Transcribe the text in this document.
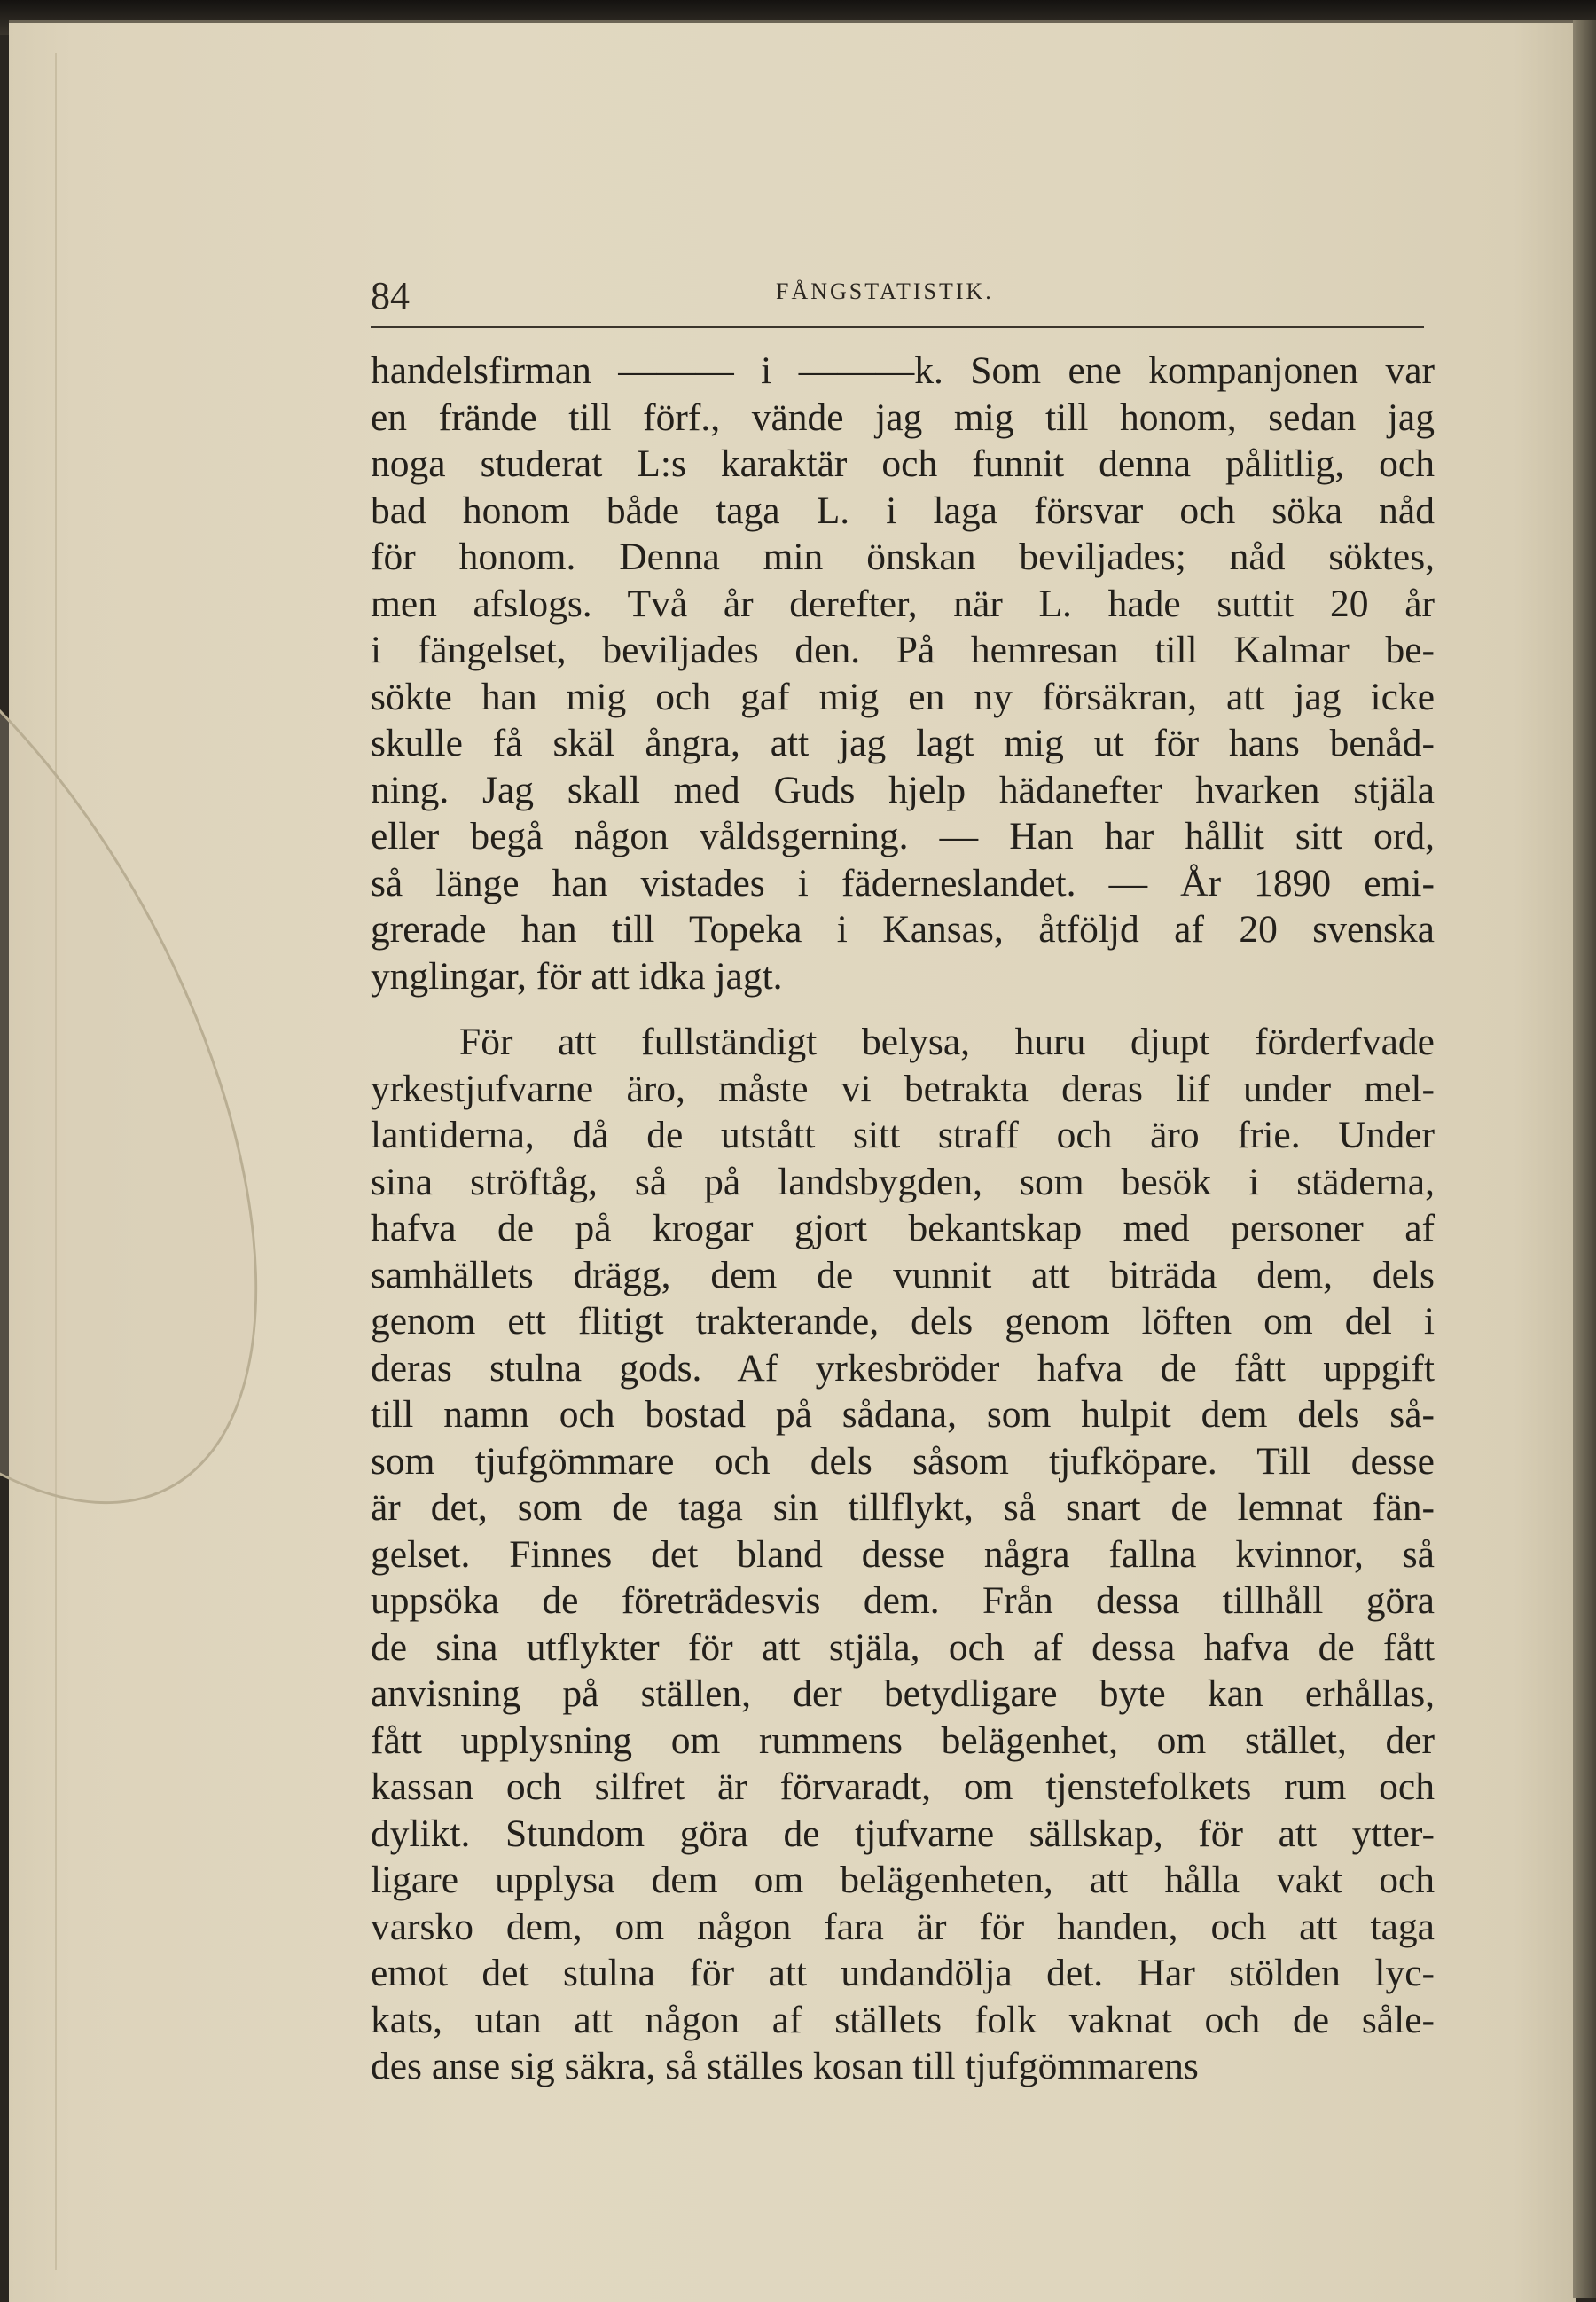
84	FÅNGSTATISTIK.
handelsfirman ——— i ———k. Som ene kompanjonen var
en frände till förf., vände jag mig till honom, sedan jag
noga studerat L:s karaktär och funnit denna pålitlig, och
bad honom både taga L. i laga försvar och söka nåd
för honom. Denna min önskan beviljades; nåd söktes,
men afslogs. Två år derefter, när L. hade suttit 20 år
i fängelset, beviljades den. På hemresan till Kalmar be-
sökte han mig och gaf mig en ny försäkran, att jag icke
skulle få skäl ångra, att jag lagt mig ut för hans benåd-
ning. Jag skall med Guds hjelp hädanefter hvarken stjäla
eller begå någon våldsgerning. — Han har hållit sitt ord,
så länge han vistades i fäderneslandet. — År 1890 emi-
grerade han till Topeka i Kansas, åtföljd af 20 svenska
ynglingar, för att idka jagt.
För att fullständigt belysa, huru djupt förderfvade
yrkestjufvarne äro, måste vi betrakta deras lif under mel-
lantiderna, då de utstått sitt straff och äro frie. Under
sina ströftåg, så på landsbygden, som besök i städerna,
hafva de på krogar gjort bekantskap med personer af
samhällets drägg, dem de vunnit att biträda dem, dels
genom ett flitigt trakterande, dels genom löften om del i
deras stulna gods. Af yrkesbröder hafva de fått uppgift
till namn och bostad på sådana, som hulpit dem dels så-
som tjufgömmare och dels såsom tjufköpare. Till desse
är det, som de taga sin tillflykt, så snart de lemnat fän-
gelset. Finnes det bland desse några fallna kvinnor, så
uppsöka de företrädesvis dem. Från dessa tillhåll göra
de sina utflykter för att stjäla, och af dessa hafva de fått
anvisning på ställen, der betydligare byte kan erhållas,
fått upplysning om rummens belägenhet, om stället, der
kassan och silfret är förvaradt, om tjenstefolkets rum och
dylikt. Stundom göra de tjufvarne sällskap, för att ytter-
ligare upplysa dem om belägenheten, att hålla vakt och
varsko dem, om någon fara är för handen, och att taga
emot det stulna för att undandölja det. Har stölden lyc-
kats, utan att någon af ställets folk vaknat och de såle-
des anse sig säkra, så ställes kosan till tjufgömmarens
